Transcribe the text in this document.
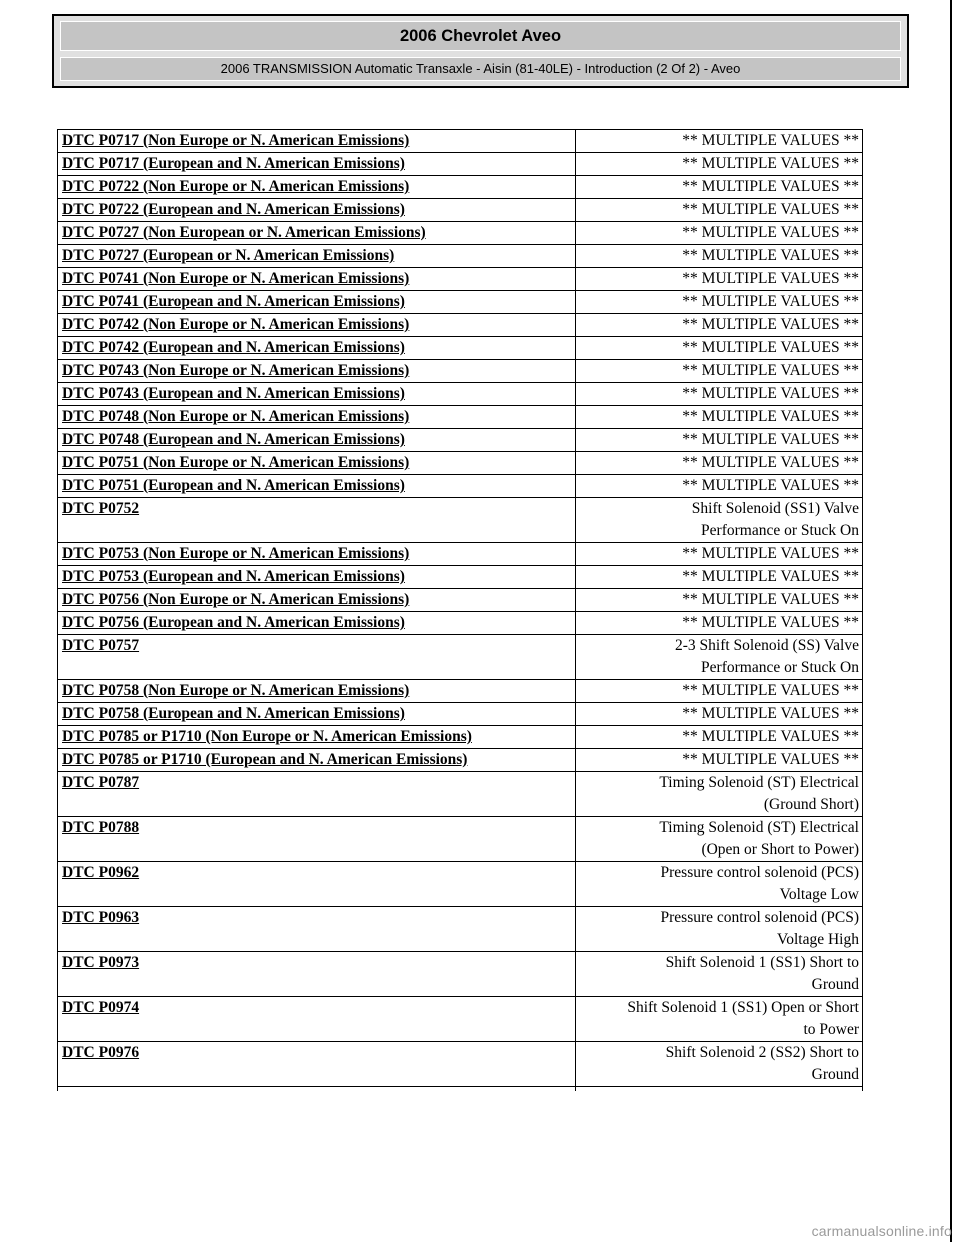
2006 Chevrolet Aveo
2006 TRANSMISSION Automatic Transaxle - Aisin (81-40LE) - Introduction (2 Of 2) - Aveo
DTC P0717 (Non Europe or N. American Emissions)	** MULTIPLE VALUES **
DTC P0717 (European and N. American Emissions)	** MULTIPLE VALUES **
DTC P0722 (Non Europe or N. American Emissions)	** MULTIPLE VALUES **
DTC P0722 (European and N. American Emissions)	** MULTIPLE VALUES **
DTC P0727 (Non European or N. American Emissions)	** MULTIPLE VALUES **
DTC P0727 (European or N. American Emissions)	** MULTIPLE VALUES **
DTC P0741 (Non Europe or N. American Emissions)	** MULTIPLE VALUES **
DTC P0741 (European and N. American Emissions)	** MULTIPLE VALUES **
DTC P0742 (Non Europe or N. American Emissions)	** MULTIPLE VALUES **
DTC P0742 (European and N. American Emissions)	** MULTIPLE VALUES **
DTC P0743 (Non Europe or N. American Emissions)	** MULTIPLE VALUES **
DTC P0743 (European and N. American Emissions)	** MULTIPLE VALUES **
DTC P0748 (Non Europe or N. American Emissions)	** MULTIPLE VALUES **
DTC P0748 (European and N. American Emissions)	** MULTIPLE VALUES **
DTC P0751 (Non Europe or N. American Emissions)	** MULTIPLE VALUES **
DTC P0751 (European and N. American Emissions)	** MULTIPLE VALUES **
DTC P0752	Shift Solenoid (SS1) Valve
Performance or Stuck On

DTC P0753 (Non Europe or N. American Emissions)	** MULTIPLE VALUES **
DTC P0753 (European and N. American Emissions)	** MULTIPLE VALUES **
DTC P0756 (Non Europe or N. American Emissions)	** MULTIPLE VALUES **
DTC P0756 (European and N. American Emissions)	** MULTIPLE VALUES **
DTC P0757	2-3 Shift Solenoid (SS) Valve
Performance or Stuck On

DTC P0758 (Non Europe or N. American Emissions)	** MULTIPLE VALUES **
DTC P0758 (European and N. American Emissions)	** MULTIPLE VALUES **
DTC P0785 or P1710 (Non Europe or N. American Emissions)	** MULTIPLE VALUES **
DTC P0785 or P1710 (European and N. American Emissions)	** MULTIPLE VALUES **
DTC P0787	Timing Solenoid (ST) Electrical
(Ground Short)

DTC P0788	Timing Solenoid (ST) Electrical
(Open or Short to Power)

DTC P0962	Pressure control solenoid (PCS)
Voltage Low

DTC P0963	Pressure control solenoid (PCS)
Voltage High

DTC P0973	Shift Solenoid 1 (SS1) Short to
Ground

DTC P0974	Shift Solenoid 1 (SS1) Open or Short
to Power

DTC P0976	Shift Solenoid 2 (SS2) Short to
Ground

carmanualsonline.info
